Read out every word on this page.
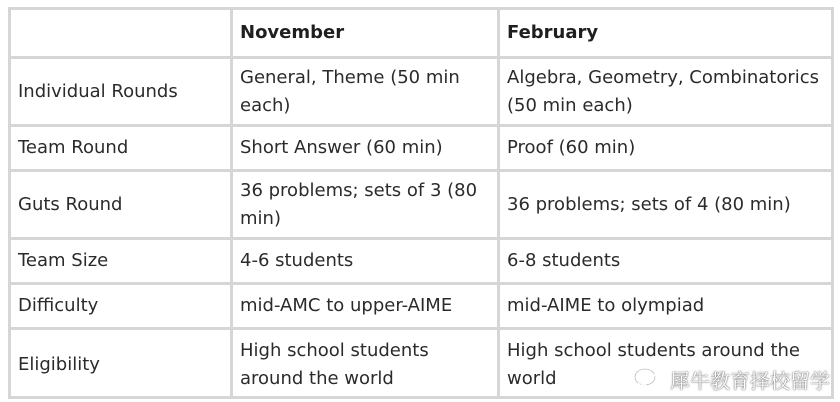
	November	February
Individual Rounds	General, Theme (50 min each)	Algebra, Geometry, Combinatorics (50 min each)
Team Round	Short Answer (60 min)	Proof (60 min)
Guts Round	36 problems; sets of 3 (80 min)	36 problems; sets of 4 (80 min)
Team Size	4-6 students	6-8 students
Difficulty	mid-AMC to upper-AIME	mid-AIME to olympiad
Eligibility	High school students around the world	High school students around the world	犀牛教育择校留学
